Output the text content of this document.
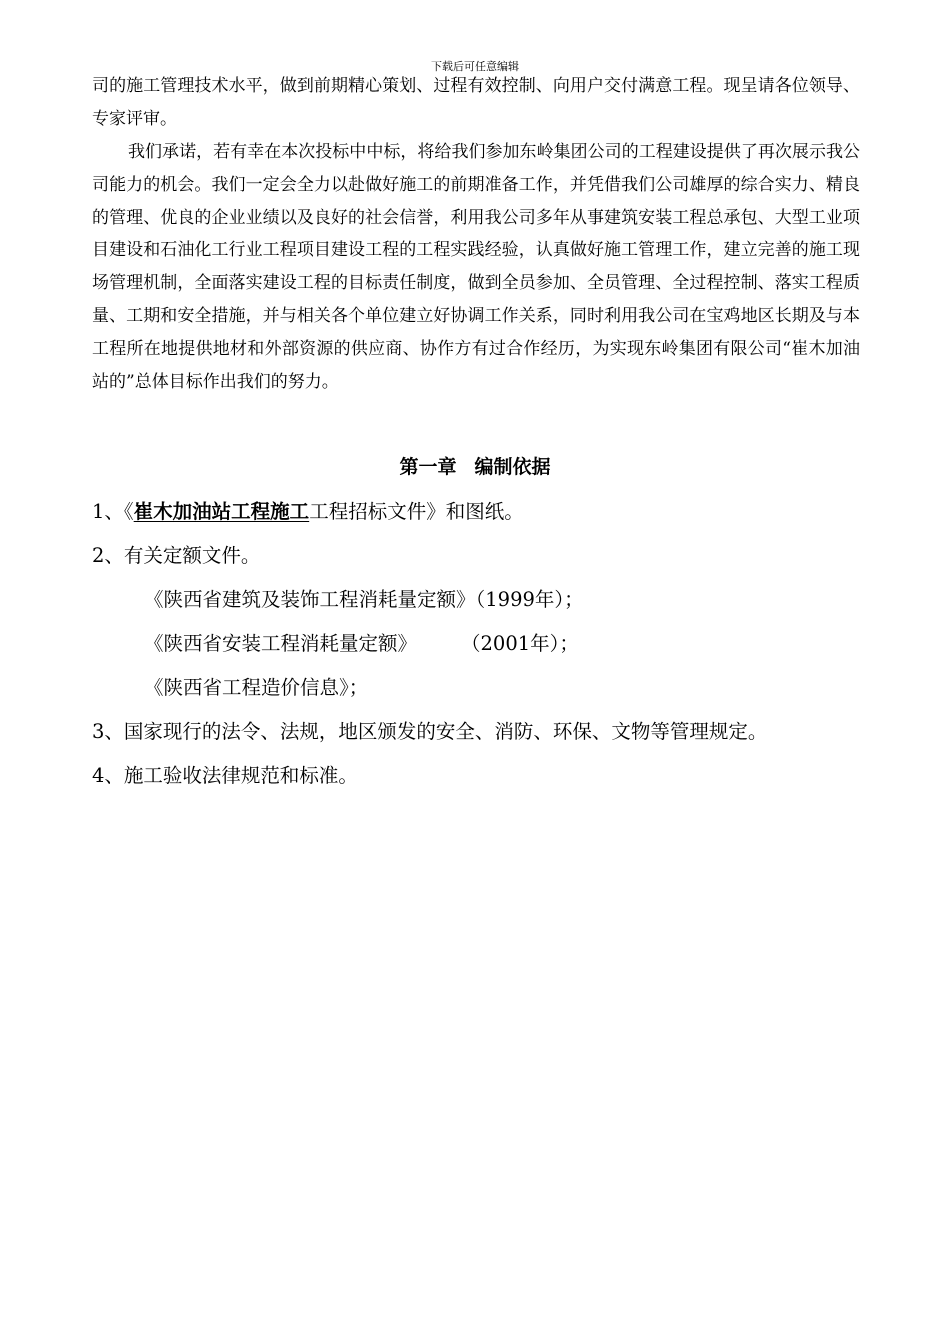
下载后可任意编辑
司的施工管理技术水平，做到前期精心策划、过程有效控制、向用户交付满意工程。现呈请各位领导、专家评审。
我们承诺，若有幸在本次投标中中标，将给我们参加东岭集团公司的工程建设提供了再次展示我公司能力的机会。我们一定会全力以赴做好施工的前期准备工作，并凭借我们公司雄厚的综合实力、精良的管理、优良的企业业绩以及良好的社会信誉，利用我公司多年从事建筑安装工程总承包、大型工业项目建设和石油化工行业工程项目建设工程的工程实践经验，认真做好施工管理工作，建立完善的施工现场管理机制，全面落实建设工程的目标责任制度，做到全员参加、全员管理、全过程控制、落实工程质量、工期和安全措施，并与相关各个单位建立好协调工作关系，同时利用我公司在宝鸡地区长期及与本工程所在地提供地材和外部资源的供应商、协作方有过合作经历，为实现东岭集团有限公司“崔木加油站的”总体目标作出我们的努力。
第一章 编制依据
1、《崔木加油站工程施工工程招标文件》和图纸。
2、有关定额文件。
《陕西省建筑及装饰工程消耗量定额》（1999年）；
《陕西省安装工程消耗量定额》 （2001年）；
《陕西省工程造价信息》；
3、国家现行的法令、法规，地区颁发的安全、消防、环保、文物等管理规定。
4、施工验收法律规范和标准。
